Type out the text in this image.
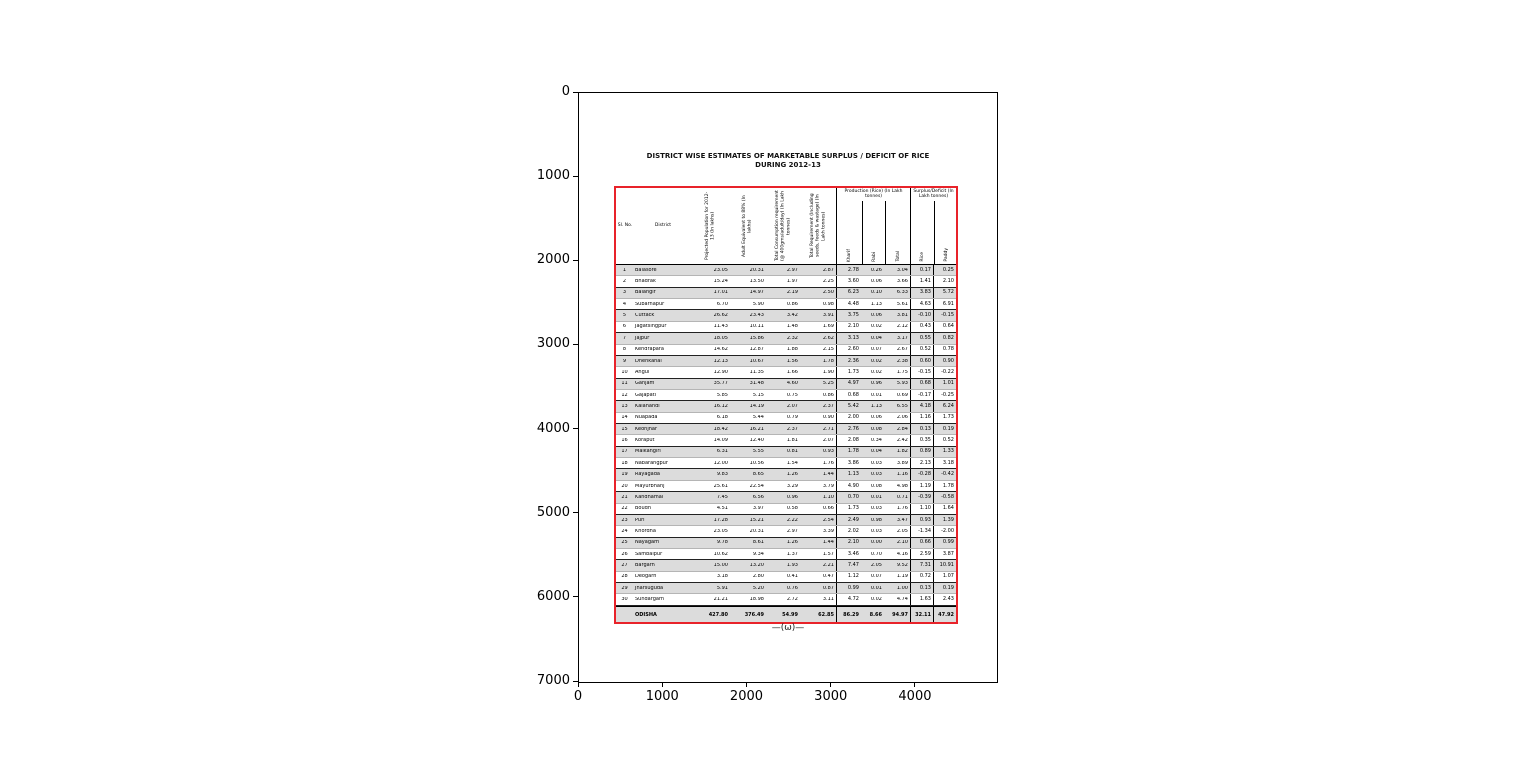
DISTRICT WISE ESTIMATES OF MARKETABLE SURPLUS / DEFICIT OF RICE
DURING 2012-13
Sl. No.	District	Projected Population for 2012-13 (In lakhs)	Adult Equivalent to 88% (In lakhs)	Total Consumption requirement (@ 400gms/adult/day) (In Lakh tonnes)	Total Requirement (Including seeds, feeds & wastage) (In Lakh tonnes)
Production (Rice) (In Lakh tonnes)
Kharif	Rabi	Total
Surplus/Deficit (In Lakh tonnes)
Rice	Paddy
1	Balasore	23.05	20.31	2.97	2.87	2.78	0.26	3.04	0.17	0.25
2	Bhadrak	15.24	13.50	1.97	2.25	3.60	0.06	3.66	1.41	2.10
3	Balangir	17.01	14.97	2.19	2.50	6.23	0.10	6.33	3.83	5.72
4	Subarnapur	6.70	5.90	0.86	0.98	4.48	1.13	5.61	4.63	6.91
5	Cuttack	26.62	23.43	3.42	3.91	3.75	0.06	3.81	-0.10	-0.15
6	Jagatsingpur	11.43	10.11	1.48	1.69	2.10	0.02	2.12	0.43	0.64
7	Jajpur	18.05	15.86	2.32	2.62	3.13	0.04	3.17	0.55	0.82
8	Kendrapara	14.62	12.87	1.88	2.15	2.60	0.07	2.67	0.52	0.78
9	Dhenkanal	12.13	10.67	1.56	1.78	2.36	0.02	2.38	0.60	0.90
10	Angul	12.90	11.35	1.66	1.90	1.73	0.02	1.75	-0.15	-0.22
11	Ganjam	35.77	31.48	4.60	5.25	4.97	0.96	5.93	0.68	1.01
12	Gajapati	5.85	5.15	0.75	0.86	0.68	0.01	0.69	-0.17	-0.25
13	Kalahandi	16.12	14.19	2.07	2.37	5.42	1.13	6.55	4.18	6.24
14	Nuapada	6.18	5.44	0.79	0.90	2.00	0.06	2.06	1.16	1.73
15	Keonjhar	18.42	16.21	2.37	2.71	2.76	0.08	2.84	0.13	0.19
16	Koraput	14.09	12.40	1.81	2.07	2.08	0.34	2.42	0.35	0.52
17	Malkangiri	6.31	5.55	0.81	0.93	1.78	0.04	1.82	0.89	1.33
18	Nabarangpur	12.00	10.56	1.54	1.76	3.86	0.03	3.89	2.13	3.18
19	Rayagada	9.83	8.65	1.26	1.44	1.13	0.03	1.16	-0.28	-0.42
20	Mayurbhanj	25.61	22.54	3.29	3.79	4.90	0.08	4.98	1.19	1.78
21	Kandhamal	7.45	6.56	0.96	1.10	0.70	0.01	0.71	-0.39	-0.58
22	Boudh	4.51	3.97	0.58	0.66	1.73	0.03	1.76	1.10	1.64
23	Puri	17.28	15.21	2.22	2.54	2.49	0.98	3.47	0.93	1.39
24	Khordha	23.05	20.31	2.97	3.39	2.02	0.03	2.05	-1.34	-2.00
25	Nayagarh	9.78	8.61	1.26	1.44	2.10	0.00	2.10	0.66	0.99
26	Sambalpur	10.62	9.34	1.37	1.57	3.46	0.70	4.16	2.59	3.87
27	Bargarh	15.00	13.20	1.93	2.21	7.47	2.05	9.52	7.31	10.91
28	Deogarh	3.18	2.80	0.41	0.47	1.12	0.07	1.19	0.72	1.07
29	Jharsuguda	5.91	5.20	0.76	0.87	0.99	0.01	1.00	0.13	0.19
30	Sundargarh	21.21	18.98	2.72	3.11	4.72	0.02	4.74	1.63	2.43
ODISHA	427.80	376.49	54.99	62.85	86.29	8.66	94.97	32.11	47.92
—(ω)—
0
1000
2000
3000
4000
5000
6000
7000
0	1000	2000	3000	4000
